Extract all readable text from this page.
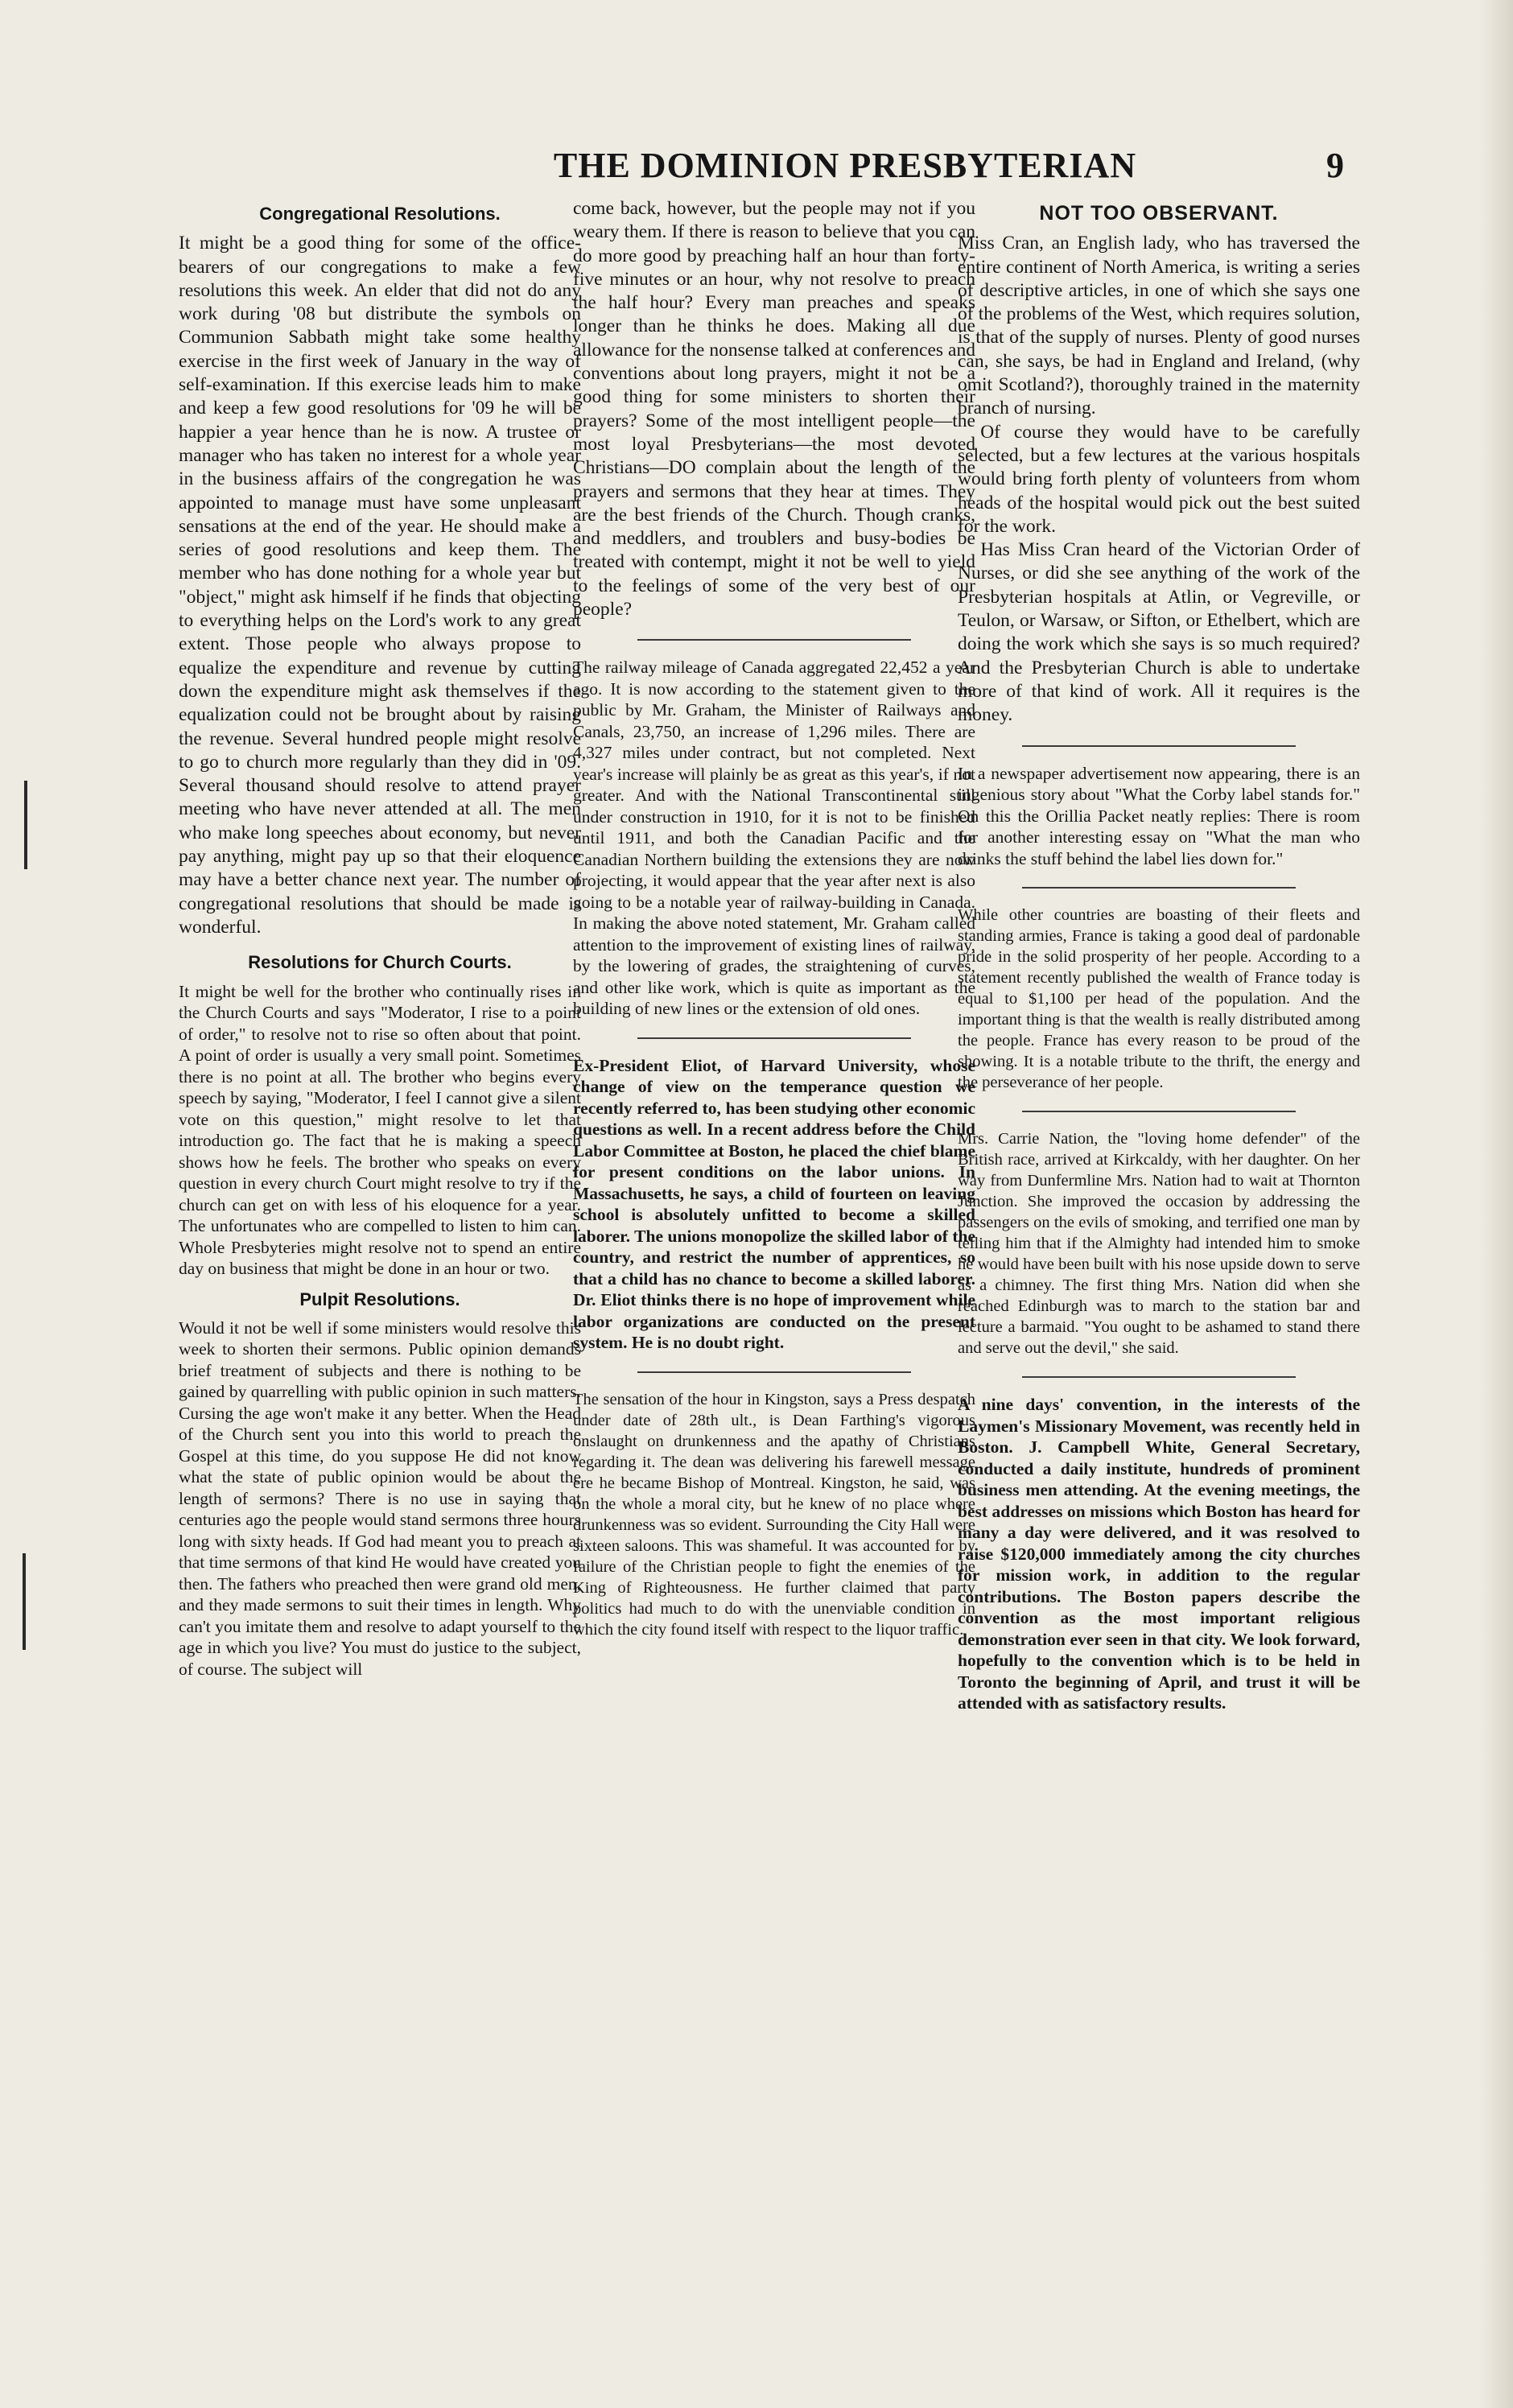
THE DOMINION PRESBYTERIAN	9
Congregational Resolutions.

It might be a good thing for some of the office-bearers of our congregations to make a few resolutions this week. An elder that did not do any work during '08 but distribute the symbols on Communion Sabbath might take some healthy exercise in the first week of January in the way of self-examination. If this exercise leads him to make and keep a few good resolutions for '09 he will be happier a year hence than he is now. A trustee or manager who has taken no interest for a whole year in the business affairs of the congregation he was appointed to manage must have some unpleasant sensations at the end of the year. He should make a series of good resolutions and keep them. The member who has done nothing for a whole year but "object," might ask himself if he finds that objecting to everything helps on the Lord's work to any great extent. Those people who always propose to equalize the expenditure and revenue by cutting down the expenditure might ask themselves if the equalization could not be brought about by raising the revenue. Several hundred people might resolve to go to church more regularly than they did in '09. Several thousand should resolve to attend prayer meeting who have never attended at all. The men who make long speeches about economy, but never pay anything, might pay up so that their eloquence may have a better chance next year. The number of congregational resolutions that should be made is wonderful.

Resolutions for Church Courts.

It might be well for the brother who continually rises in the Church Courts and says "Moderator, I rise to a point of order," to resolve not to rise so often about that point. A point of order is usually a very small point. Sometimes there is no point at all. The brother who begins every speech by saying, "Moderator, I feel I cannot give a silent vote on this question," might resolve to let that introduction go. The fact that he is making a speech shows how he feels. The brother who speaks on every question in every church Court might resolve to try if the church can get on with less of his eloquence for a year. The unfortunates who are compelled to listen to him can. Whole Presbyteries might resolve not to spend an entire day on business that might be done in an hour or two.

Pulpit Resolutions.

Would it not be well if some ministers would resolve this week to shorten their sermons. Public opinion demands brief treatment of subjects and there is nothing to be gained by quarrelling with public opinion in such matters. Cursing the age won't make it any better. When the Head of the Church sent you into this world to preach the Gospel at this time, do you suppose He did not know what the state of public opinion would be about the length of sermons? There is no use in saying that centuries ago the people would stand sermons three hours long with sixty heads. If God had meant you to preach at that time sermons of that kind He would have created you then. The fathers who preached then were grand old men, and they made sermons to suit their times in length. Why can't you imitate them and resolve to adapt yourself to the age in which you live? You must do justice to the subject, of course. The subject will

come back, however, but the people may not if you weary them. If there is reason to believe that you can do more good by preaching half an hour than forty-five minutes or an hour, why not resolve to preach the half hour? Every man preaches and speaks longer than he thinks he does. Making all due allowance for the nonsense talked at conferences and conventions about long prayers, might it not be a good thing for some ministers to shorten their prayers? Some of the most intelligent people—the most loyal Presbyterians—the most devoted Christians—DO complain about the length of the prayers and sermons that they hear at times. They are the best friends of the Church. Though cranks, and meddlers, and troublers and busy-bodies be treated with contempt, might it not be well to yield to the feelings of some of the very best of our people?

The railway mileage of Canada aggregated 22,452 a year ago. It is now according to the statement given to the public by Mr. Graham, the Minister of Railways and Canals, 23,750, an increase of 1,296 miles. There are 4,327 miles under contract, but not completed. Next year's increase will plainly be as great as this year's, if not greater. And with the National Transcontinental still under construction in 1910, for it is not to be finished until 1911, and both the Canadian Pacific and the Canadian Northern building the extensions they are now projecting, it would appear that the year after next is also going to be a notable year of railway-building in Canada. In making the above noted statement, Mr. Graham called attention to the improvement of existing lines of railway, by the lowering of grades, the straightening of curves, and other like work, which is quite as important as the building of new lines or the extension of old ones.

Ex-President Eliot, of Harvard University, whose change of view on the temperance question we recently referred to, has been studying other economic questions as well. In a recent address before the Child Labor Committee at Boston, he placed the chief blame for present conditions on the labor unions. In Massachusetts, he says, a child of fourteen on leaving school is absolutely unfitted to become a skilled laborer. The unions monopolize the skilled labor of the country, and restrict the number of apprentices, so that a child has no chance to become a skilled laborer. Dr. Eliot thinks there is no hope of improvement while labor organizations are conducted on the present system. He is no doubt right.

The sensation of the hour in Kingston, says a Press despatch under date of 28th ult., is Dean Farthing's vigorous onslaught on drunkenness and the apathy of Christians regarding it. The dean was delivering his farewell message ere he became Bishop of Montreal. Kingston, he said, was on the whole a moral city, but he knew of no place where drunkenness was so evident. Surrounding the City Hall were sixteen saloons. This was shameful. It was accounted for by failure of the Christian people to fight the enemies of the King of Righteousness. He further claimed that party politics had much to do with the unenviable condition in which the city found itself with respect to the liquor traffic.

NOT TOO OBSERVANT.

Miss Cran, an English lady, who has traversed the entire continent of North America, is writing a series of descriptive articles, in one of which she says one of the problems of the West, which requires solution, is that of the supply of nurses. Plenty of good nurses can, she says, be had in England and Ireland, (why omit Scotland?), thoroughly trained in the maternity branch of nursing.

Of course they would have to be carefully selected, but a few lectures at the various hospitals would bring forth plenty of volunteers from whom heads of the hospital would pick out the best suited for the work.

Has Miss Cran heard of the Victorian Order of Nurses, or did she see anything of the work of the Presbyterian hospitals at Atlin, or Vegreville, or Teulon, or Warsaw, or Sifton, or Ethelbert, which are doing the work which she says is so much required? And the Presbyterian Church is able to undertake more of that kind of work. All it requires is the money.

In a newspaper advertisement now appearing, there is an ingenious story about "What the Corby label stands for." On this the Orillia Packet neatly replies: There is room for another interesting essay on "What the man who drinks the stuff behind the label lies down for."

While other countries are boasting of their fleets and standing armies, France is taking a good deal of pardonable pride in the solid prosperity of her people. According to a statement recently published the wealth of France today is equal to $1,100 per head of the population. And the important thing is that the wealth is really distributed among the people. France has every reason to be proud of the showing. It is a notable tribute to the thrift, the energy and the perseverance of her people.

Mrs. Carrie Nation, the "loving home defender" of the British race, arrived at Kirkcaldy, with her daughter. On her way from Dunfermline Mrs. Nation had to wait at Thornton Junction. She improved the occasion by addressing the passengers on the evils of smoking, and terrified one man by telling him that if the Almighty had intended him to smoke he would have been built with his nose upside down to serve as a chimney. The first thing Mrs. Nation did when she reached Edinburgh was to march to the station bar and lecture a barmaid. "You ought to be ashamed to stand there and serve out the devil," she said.

A nine days' convention, in the interests of the Laymen's Missionary Movement, was recently held in Boston. J. Campbell White, General Secretary, conducted a daily institute, hundreds of prominent business men attending. At the evening meetings, the best addresses on missions which Boston has heard for many a day were delivered, and it was resolved to raise $120,000 immediately among the city churches for mission work, in addition to the regular contributions. The Boston papers describe the convention as the most important religious demonstration ever seen in that city. We look forward, hopefully to the convention which is to be held in Toronto the beginning of April, and trust it will be attended with as satisfactory results.
